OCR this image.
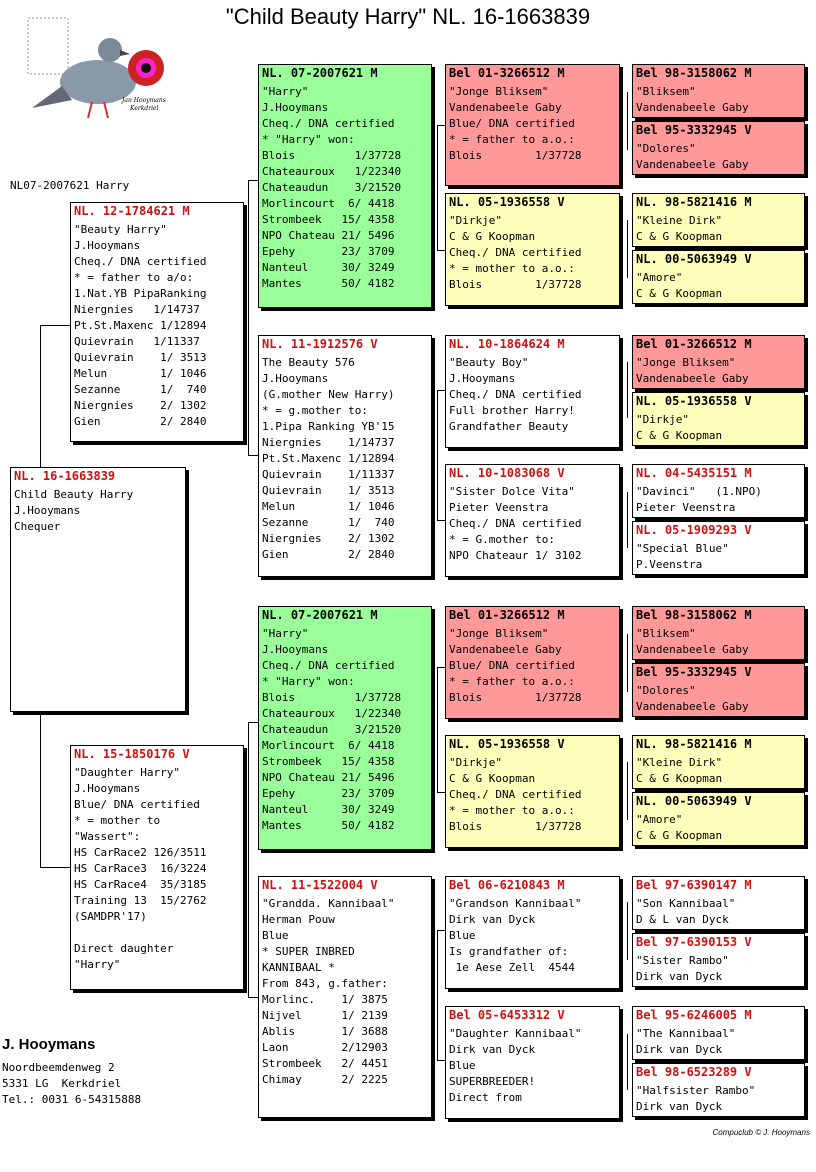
"Child Beauty Harry" NL. 16-1663839
Jan Hooymans
Kerkdriel
NL07-2007621 Harry
NL. 16-1663839
Child Beauty Harry
J.Hooymans
Chequer
NL. 12-1784621 M
"Beauty Harry"
J.Hooymans
Cheq./ DNA certified
* = father to a/o:
1.Nat.YB PipaRanking
Niergnies   1/14737
Pt.St.Maxenc 1/12894
Quievrain   1/11337
Quievrain    1/ 3513
Melun        1/ 1046
Sezanne      1/  740
Niergnies    2/ 1302
Gien         2/ 2840
NL. 15-1850176 V
"Daughter Harry"
J.Hooymans
Blue/ DNA certified
* = mother to
"Wassert":
HS CarRace2 126/3511
HS CarRace3  16/3224
HS CarRace4  35/3185
Training 13  15/2762
(SAMDPR'17)

Direct daughter
"Harry"
NL. 07-2007621 M
"Harry"
J.Hooymans
Cheq./ DNA certified
* "Harry" won:
Blois         1/37728
Chateauroux   1/22340
Chateaudun    3/21520
Morlincourt  6/ 4418
Strombeek   15/ 4358
NPO Chateau 21/ 5496
Epehy       23/ 3709
Nanteul     30/ 3249
Mantes      50/ 4182
NL. 11-1912576 V
The Beauty 576
J.Hooymans
(G.mother New Harry)
* = g.mother to:
1.Pipa Ranking YB'15
Niergnies    1/14737
Pt.St.Maxenc 1/12894
Quievrain    1/11337
Quievrain    1/ 3513
Melun        1/ 1046
Sezanne      1/  740
Niergnies    2/ 1302
Gien         2/ 2840
NL. 07-2007621 M
"Harry"
J.Hooymans
Cheq./ DNA certified
* "Harry" won:
Blois         1/37728
Chateauroux   1/22340
Chateaudun    3/21520
Morlincourt  6/ 4418
Strombeek   15/ 4358
NPO Chateau 21/ 5496
Epehy       23/ 3709
Nanteul     30/ 3249
Mantes      50/ 4182
NL. 11-1522004 V
"Grandda. Kannibaal"
Herman Pouw
Blue
* SUPER INBRED
KANNIBAAL *
From 843, g.father:
Morlinc.    1/ 3875
Nijvel      1/ 2139
Ablis       1/ 3688
Laon        2/12903
Strombeek   2/ 4451
Chimay      2/ 2225
Bel 01-3266512 M
"Jonge Bliksem"
Vandenabeele Gaby
Blue/ DNA certified
* = father to a.o.:
Blois        1/37728
NL. 05-1936558 V
"Dirkje"
C & G Koopman
Cheq./ DNA certified
* = mother to a.o.:
Blois        1/37728
NL. 10-1864624 M
"Beauty Boy"
J.Hooymans
Cheq./ DNA certified
Full brother Harry!
Grandfather Beauty
NL. 10-1083068 V
"Sister Dolce Vita"
Pieter Veenstra
Cheq./ DNA certified
* = G.mother to:
NPO Chateaur 1/ 3102
Bel 01-3266512 M
"Jonge Bliksem"
Vandenabeele Gaby
Blue/ DNA certified
* = father to a.o.:
Blois        1/37728
NL. 05-1936558 V
"Dirkje"
C & G Koopman
Cheq./ DNA certified
* = mother to a.o.:
Blois        1/37728
Bel 06-6210843 M
"Grandson Kannibaal"
Dirk van Dyck
Blue
Is grandfather of:
1e Aese Zell  4544
Bel 05-6453312 V
"Daughter Kannibaal"
Dirk van Dyck
Blue
SUPERBREEDER!
Direct from
Bel 98-3158062 M
"Bliksem"
Vandenabeele Gaby
Bel 95-3332945 V
"Dolores"
Vandenabeele Gaby
NL. 98-5821416 M
"Kleine Dirk"
C & G Koopman
NL. 00-5063949 V
"Amore"
C & G Koopman
Bel 01-3266512 M
"Jonge Bliksem"
Vandenabeele Gaby
NL. 05-1936558 V
"Dirkje"
C & G Koopman
NL. 04-5435151 M
"Davinci"   (1.NPO)
Pieter Veenstra
NL. 05-1909293 V
"Special Blue"
P.Veenstra
Bel 98-3158062 M
"Bliksem"
Vandenabeele Gaby
Bel 95-3332945 V
"Dolores"
Vandenabeele Gaby
NL. 98-5821416 M
"Kleine Dirk"
C & G Koopman
NL. 00-5063949 V
"Amore"
C & G Koopman
Bel 97-6390147 M
"Son Kannibaal"
D & L van Dyck
Bel 97-6390153 V
"Sister Rambo"
Dirk van Dyck
Bel 95-6246005 M
"The Kannibaal"
Dirk van Dyck
Bel 98-6523289 V
"Halfsister Rambo"
Dirk van Dyck
J. Hooymans
Noordbeemdenweg 2
5331 LG  Kerkdriel
Tel.: 0031 6-54315888
Compuclub © J. Hooymans
